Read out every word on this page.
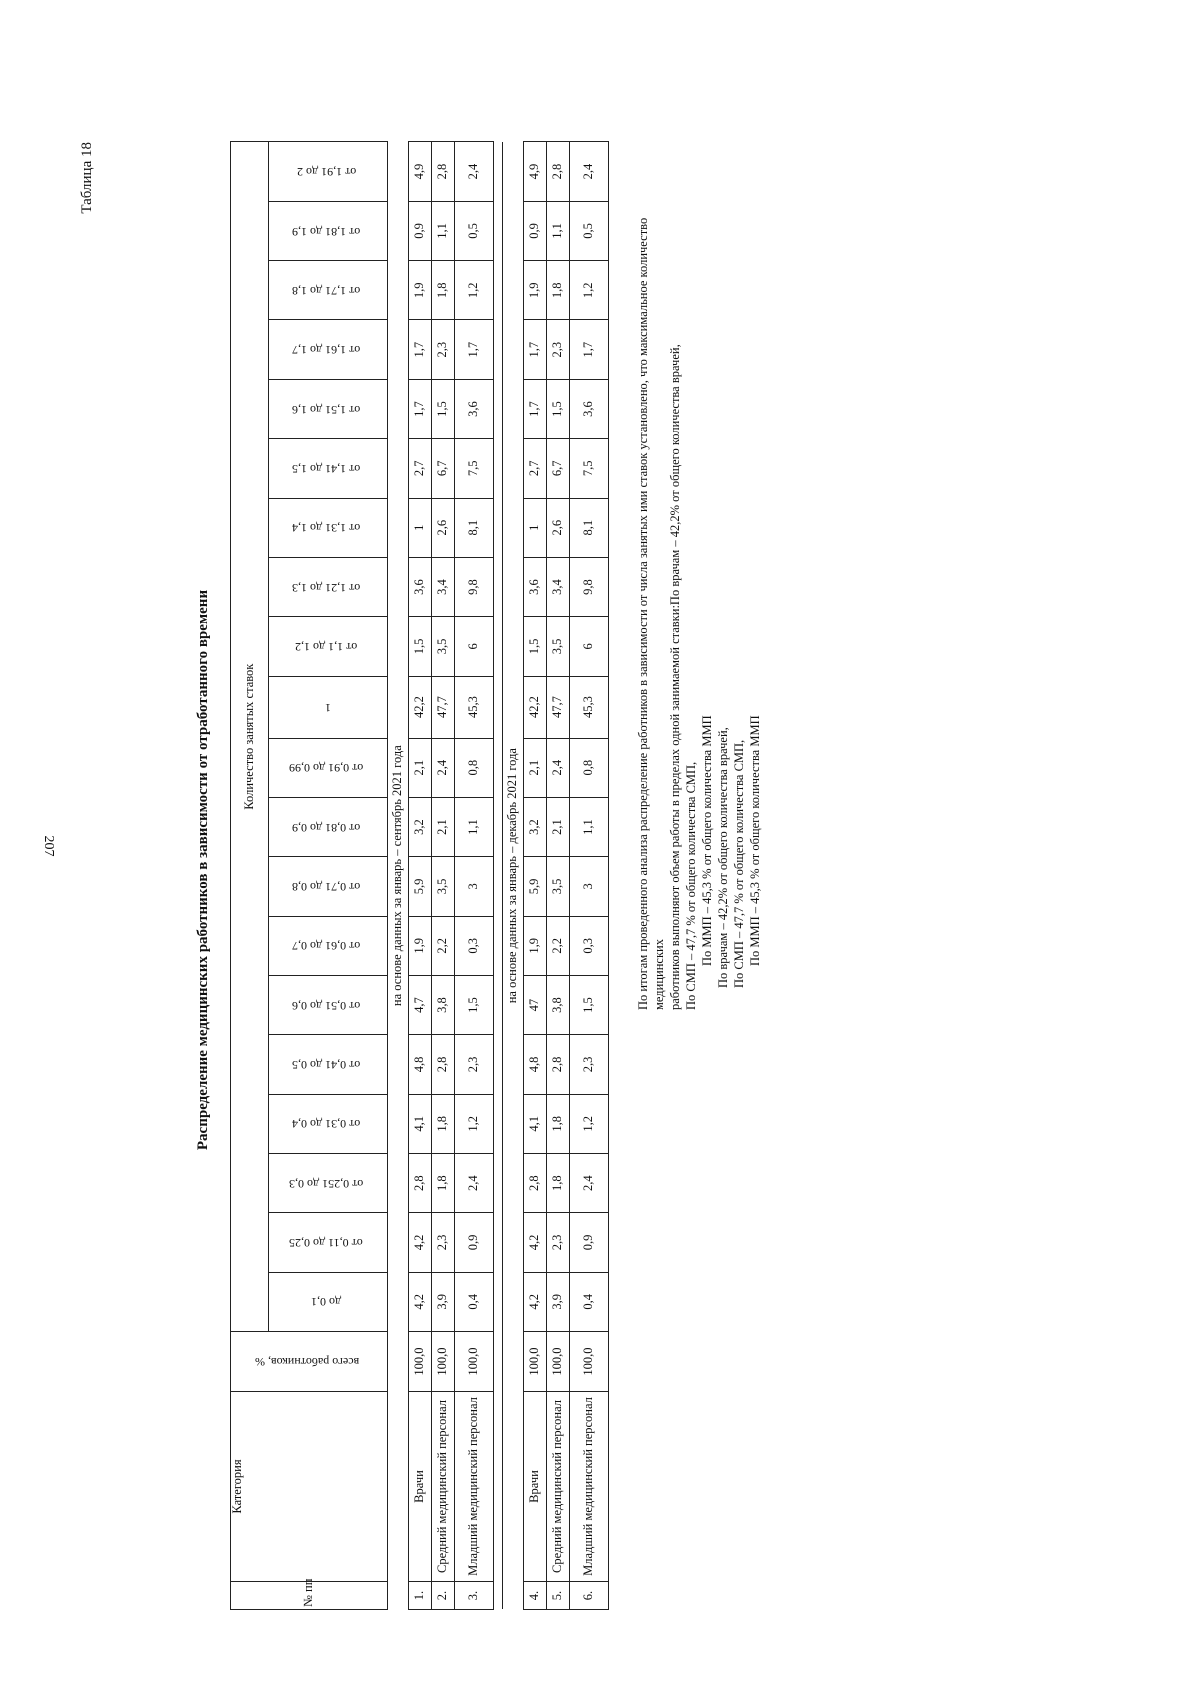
207
Таблица 18
Распределение медицинских работников в зависимости от отработанного времени
№ пп	Категория	всего работников, %	Количество занятых ставок																			
			до 0,1	от 0,11 до 0,25	от 0,251 до 0,3	от 0,31 до 0,4	от 0,41 до 0,5	от 0,51 до 0,6	от 0,61 до 0,7	от 0,71 до 0,8	от 0,81 до 0,9	от 0,91 до 0,99	1	от 1,1 до 1,2	от 1,21 до 1,3	от 1,31 до 1,4	от 1,41 до 1,5	от 1,51 до 1,6	от 1,61 до 1,7	от 1,71 до 1,8	от 1,81 до 1,9	от 1,91 до 2
на основе данных за январь – сентябрь 2021 года																						
1.	Врачи	100,0	4,2	4,2	2,8	4,1	4,8	4,7	1,9	5,9	3,2	2,1	42,2	1,5	3,6	1	2,7	1,7	1,7	1,9	0,9	4,9
2.	Средний медицинский персонал	100,0	3,9	2,3	1,8	1,8	2,8	3,8	2,2	3,5	2,1	2,4	47,7	3,5	3,4	2,6	6,7	1,5	2,3	1,8	1,1	2,8
3.	Младший медицинский персонал	100,0	0,4	0,9	2,4	1,2	2,3	1,5	0,3	3	1,1	0,8	45,3	6	9,8	8,1	7,5	3,6	1,7	1,2	0,5	2,4

на основе данных за январь – декабрь 2021 года																						
4.	Врачи	100,0	4,2	4,2	2,8	4,1	4,8	47	1,9	5,9	3,2	2,1	42,2	1,5	3,6	1	2,7	1,7	1,7	1,9	0,9	4,9
5.	Средний медицинский персонал	100,0	3,9	2,3	1,8	1,8	2,8	3,8	2,2	3,5	2,1	2,4	47,7	3,5	3,4	2,6	6,7	1,5	2,3	1,8	1,1	2,8
6.	Младший медицинский персонал	100,0	0,4	0,9	2,4	1,2	2,3	1,5	0,3	3	1,1	0,8	45,3	6	9,8	8,1	7,5	3,6	1,7	1,2	0,5	2,4

По итогам проведенного анализа распределение работников в зависимости от числа занятых ими ставок установлено, что максимальное количество медицинских работников выполняют объем работы в пределах одной занимаемой ставки:По врачам – 42,2% от общего количества врачей, По СМП – 47,7 % от общего количества СМП, По ММП – 45,3 % от общего количества ММП По врачам – 42,2% от общего количества врачей, По СМП – 47,7 % от общего количества СМП, По ММП – 45,3 % от общего количества ММП
